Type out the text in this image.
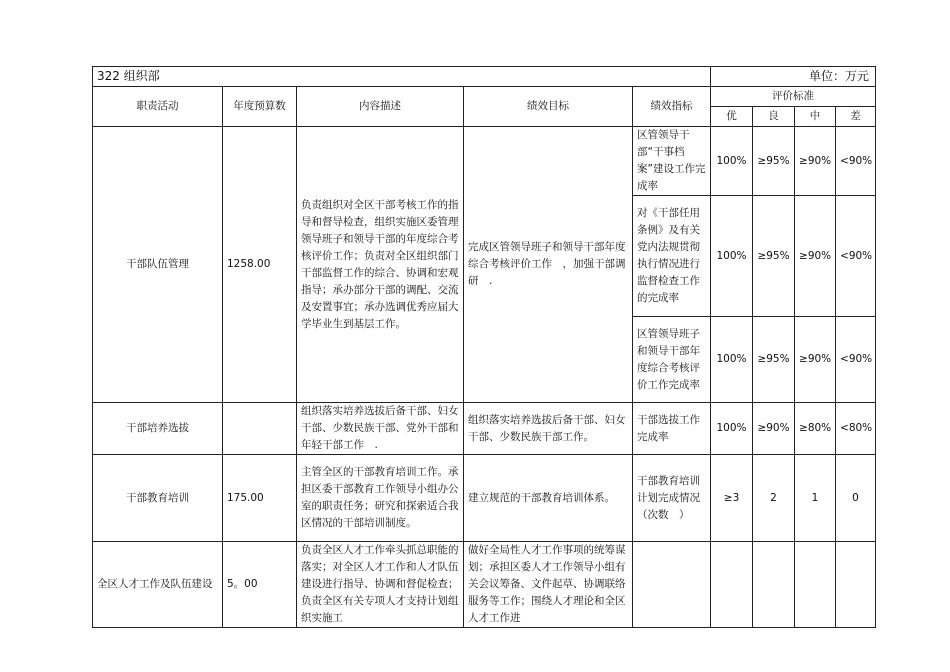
322 组织部					单位：万元			
职责活动	年度预算数	内容描述	绩效目标	绩效指标	评价标准			
					优	良	中	差
干部队伍管理	1258.00	负责组织对全区干部考核工作的指导和督导检查，组织实施区委管理领导班子和领导干部的年度综合考核评价工作；负责对全区组织部门干部监督工作的综合、协调和宏观指导；承办部分干部的调配、交流及安置事宜；承办选调优秀应届大学毕业生到基层工作。	完成区管领导班子和领导干部年度综合考核评价工作　，加强干部调研　.	区管领导干部“干事档案”建设工作完成率	100%	≥95%	≥90%	<90%
				对《干部任用条例》及有关党内法规贯彻执行情况进行监督检查工作的完成率	100%	≥95%	≥90%	<90%
				区管领导班子和领导干部年度综合考核评价工作完成率	100%	≥95%	≥90%	<90%
干部培养选拔		组织落实培养选拔后备干部、妇女干部、少数民族干部、党外干部和年轻干部工作　.	组织落实培养选拔后备干部、妇女干部、少数民族干部工作。	干部选拔工作完成率	100%	≥90%	≥80%	<80%
干部教育培训	175.00	主管全区的干部教育培训工作。承担区委干部教育工作领导小组办公室的职责任务；研究和探索适合我区情况的干部培训制度。	建立规范的干部教育培训体系。	干部教育培训计划完成情况（次数　）	≥3	2	1	0
全区人才工作及队伍建设	5。00	负责全区人才工作牵头抓总职能的落实；对全区人才工作和人才队伍建设进行指导、协调和督促检查；负责全区有关专项人才支持计划组织实施工	做好全局性人才工作事项的统筹谋划；承担区委人才工作领导小组有关会议筹备、文件起草、协调联络服务等工作；围绕人才理论和全区人才工作进					
